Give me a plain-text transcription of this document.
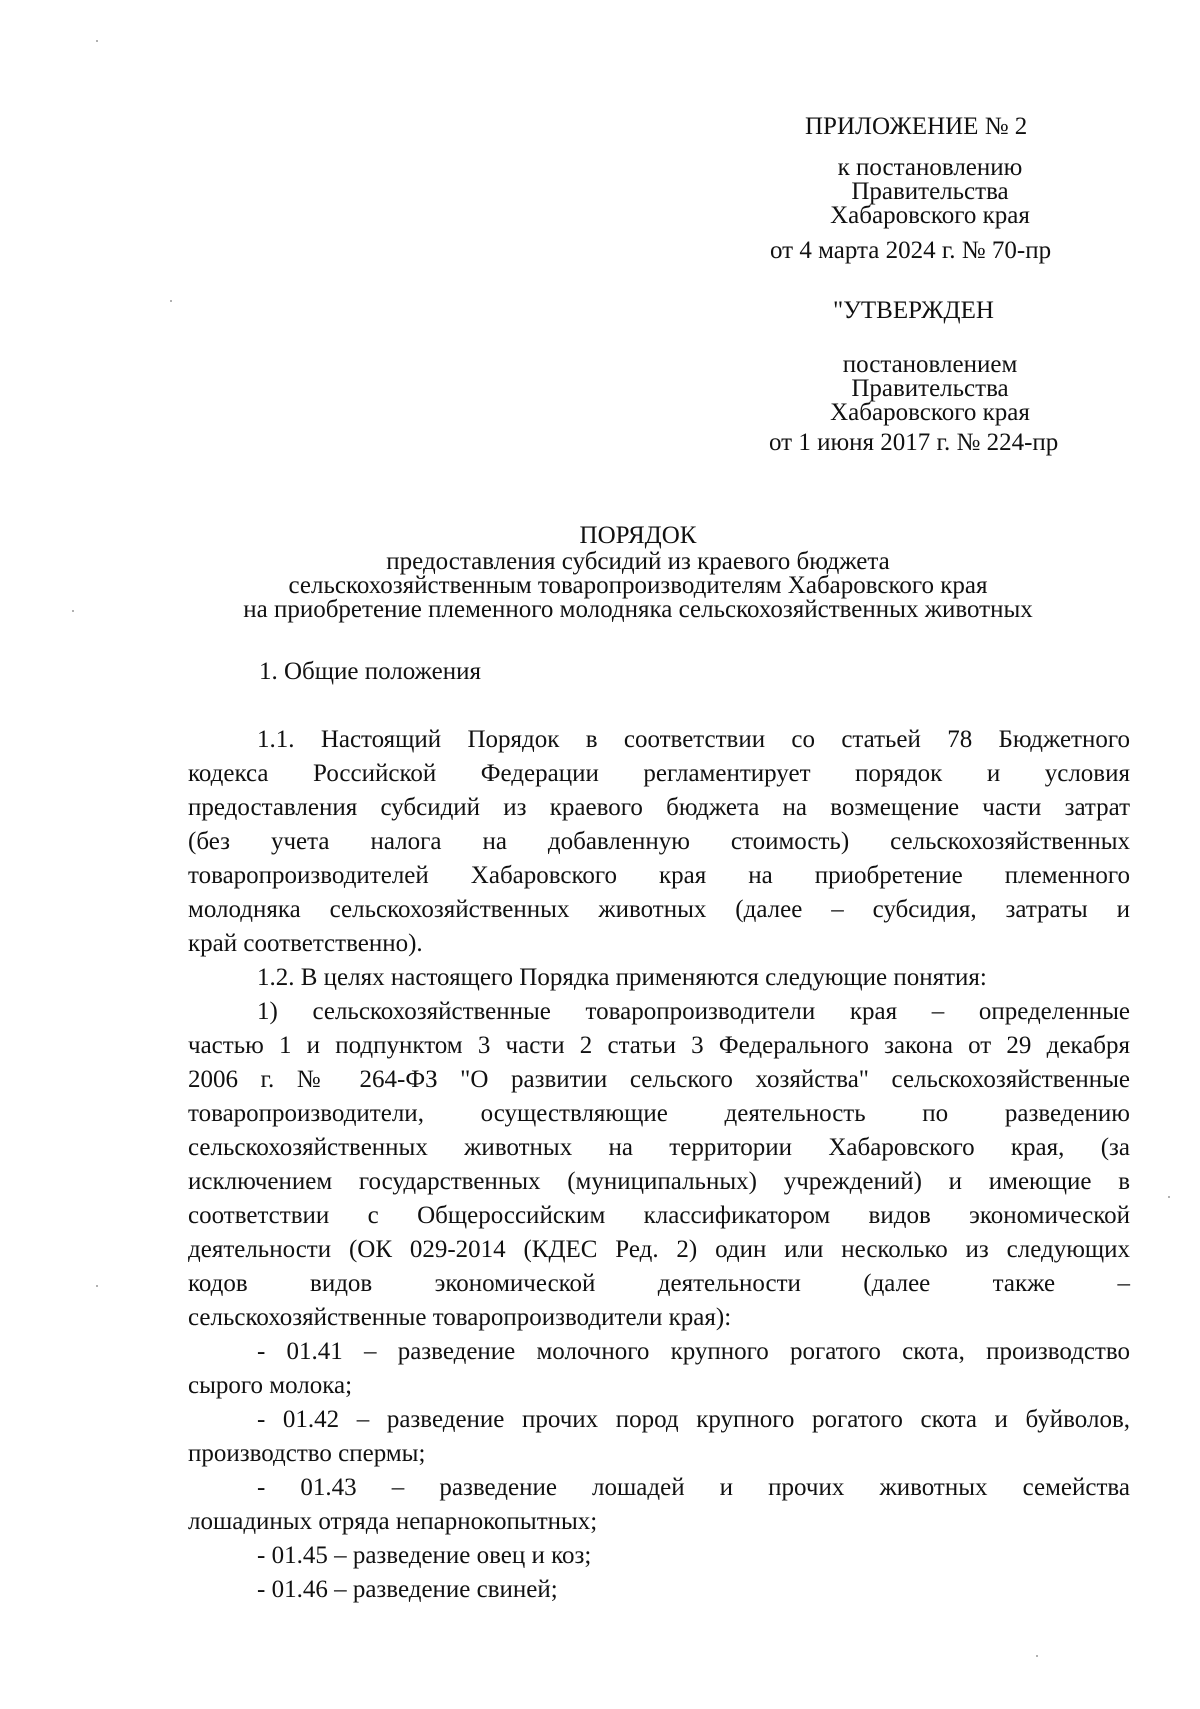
ПРИЛОЖЕНИЕ № 2
к постановлению
Правительства
Хабаровского края
от 4 марта 2024 г. № 70-пр
"УТВЕРЖДЕН
постановлением
Правительства
Хабаровского края
от 1 июня 2017 г. № 224-пр
ПОРЯДОК
предоставления субсидий из краевого бюджета
сельскохозяйственным товаропроизводителям Хабаровского края
на приобретение племенного молодняка сельскохозяйственных животных
1. Общие положения
1.1. Настоящий Порядок в соответствии со статьей 78 Бюджетного
кодекса Российской Федерации регламентирует порядок и условия
предоставления субсидий из краевого бюджета на возмещение части затрат
(без учета налога на добавленную стоимость) сельскохозяйственных
товаропроизводителей Хабаровского края на приобретение племенного
молодняка сельскохозяйственных животных (далее – субсидия, затраты и
край соответственно).
1.2. В целях настоящего Порядка применяются следующие понятия:
1) сельскохозяйственные товаропроизводители края – определенные
частью 1 и подпунктом 3 части 2 статьи 3 Федерального закона от 29 декабря
2006 г. № 264-ФЗ "О развитии сельского хозяйства" сельскохозяйственные
товаропроизводители, осуществляющие деятельность по разведению
сельскохозяйственных животных на территории Хабаровского края, (за
исключением государственных (муниципальных) учреждений) и имеющие в
соответствии с Общероссийским классификатором видов экономической
деятельности (ОК 029-2014 (КДЕС Ред. 2) один или несколько из следующих
кодов видов экономической деятельности (далее также –
сельскохозяйственные товаропроизводители края):
- 01.41 – разведение молочного крупного рогатого скота, производство
сырого молока;
- 01.42 – разведение прочих пород крупного рогатого скота и буйволов,
производство спермы;
- 01.43 – разведение лошадей и прочих животных семейства
лошадиных отряда непарнокопытных;
- 01.45 – разведение овец и коз;
- 01.46 – разведение свиней;
